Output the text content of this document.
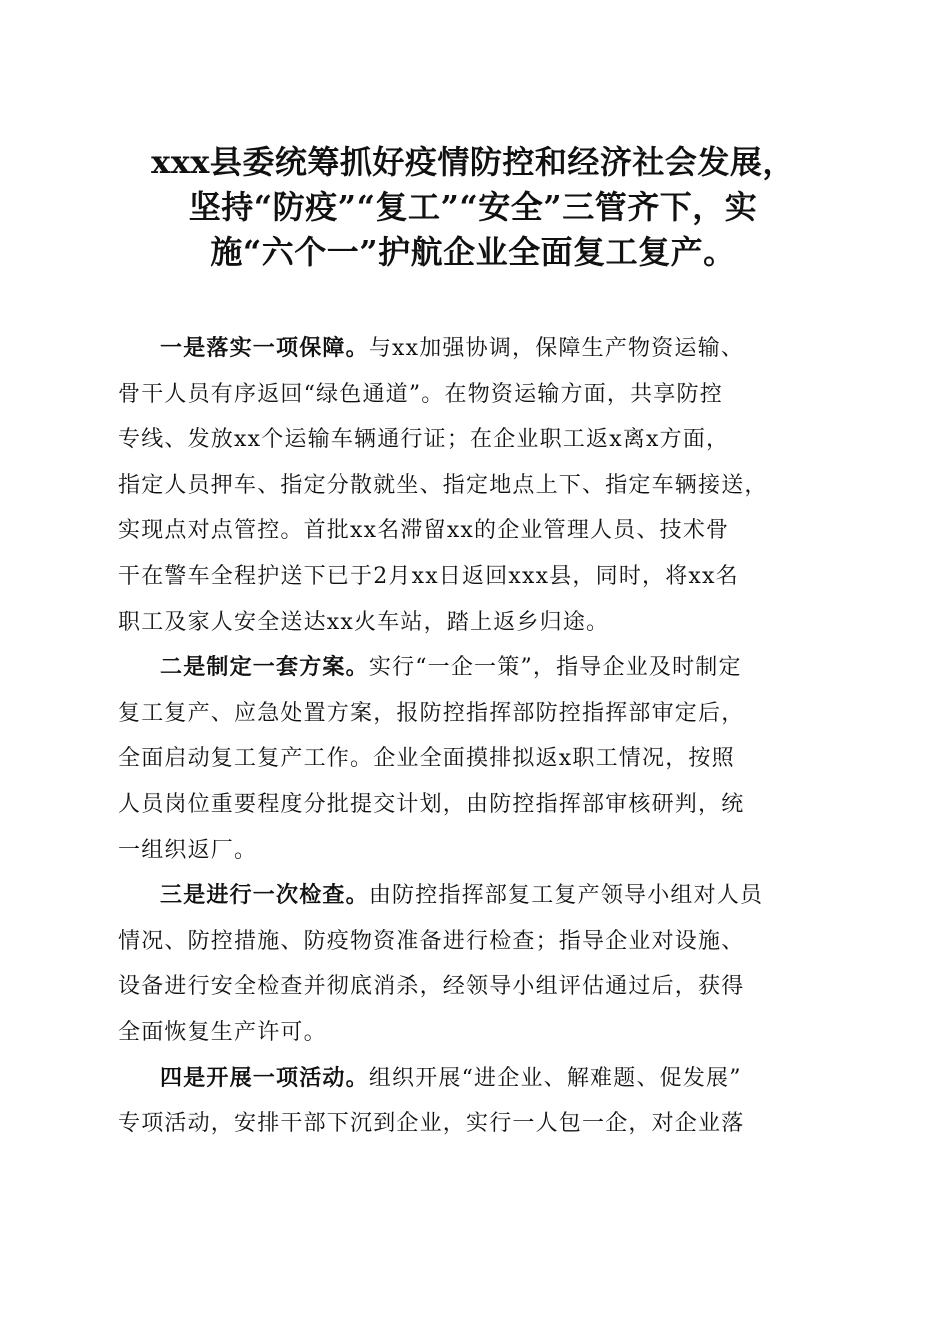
xxx县委统筹抓好疫情防控和经济社会发展，
坚持“防疫”“复工”“安全”三管齐下，实
施“六个一”护航企业全面复工复产。
一是落实一项保障。与xx加强协调，保障生产物资运输、
骨干人员有序返回“绿色通道”。在物资运输方面，共享防控
专线、发放xx个运输车辆通行证；在企业职工返x离x方面，
指定人员押车、指定分散就坐、指定地点上下、指定车辆接送，
实现点对点管控。首批xx名滞留xx的企业管理人员、技术骨
干在警车全程护送下已于2月xx日返回xxx县，同时，将xx名
职工及家人安全送达xx火车站，踏上返乡归途。
二是制定一套方案。实行“一企一策”，指导企业及时制定
复工复产、应急处置方案，报防控指挥部防控指挥部审定后，
全面启动复工复产工作。企业全面摸排拟返x职工情况，按照
人员岗位重要程度分批提交计划，由防控指挥部审核研判，统
一组织返厂。
三是进行一次检查。由防控指挥部复工复产领导小组对人员
情况、防控措施、防疫物资准备进行检查；指导企业对设施、
设备进行安全检查并彻底消杀，经领导小组评估通过后，获得
全面恢复生产许可。
四是开展一项活动。组织开展“进企业、解难题、促发展”
专项活动，安排干部下沉到企业，实行一人包一企，对企业落
